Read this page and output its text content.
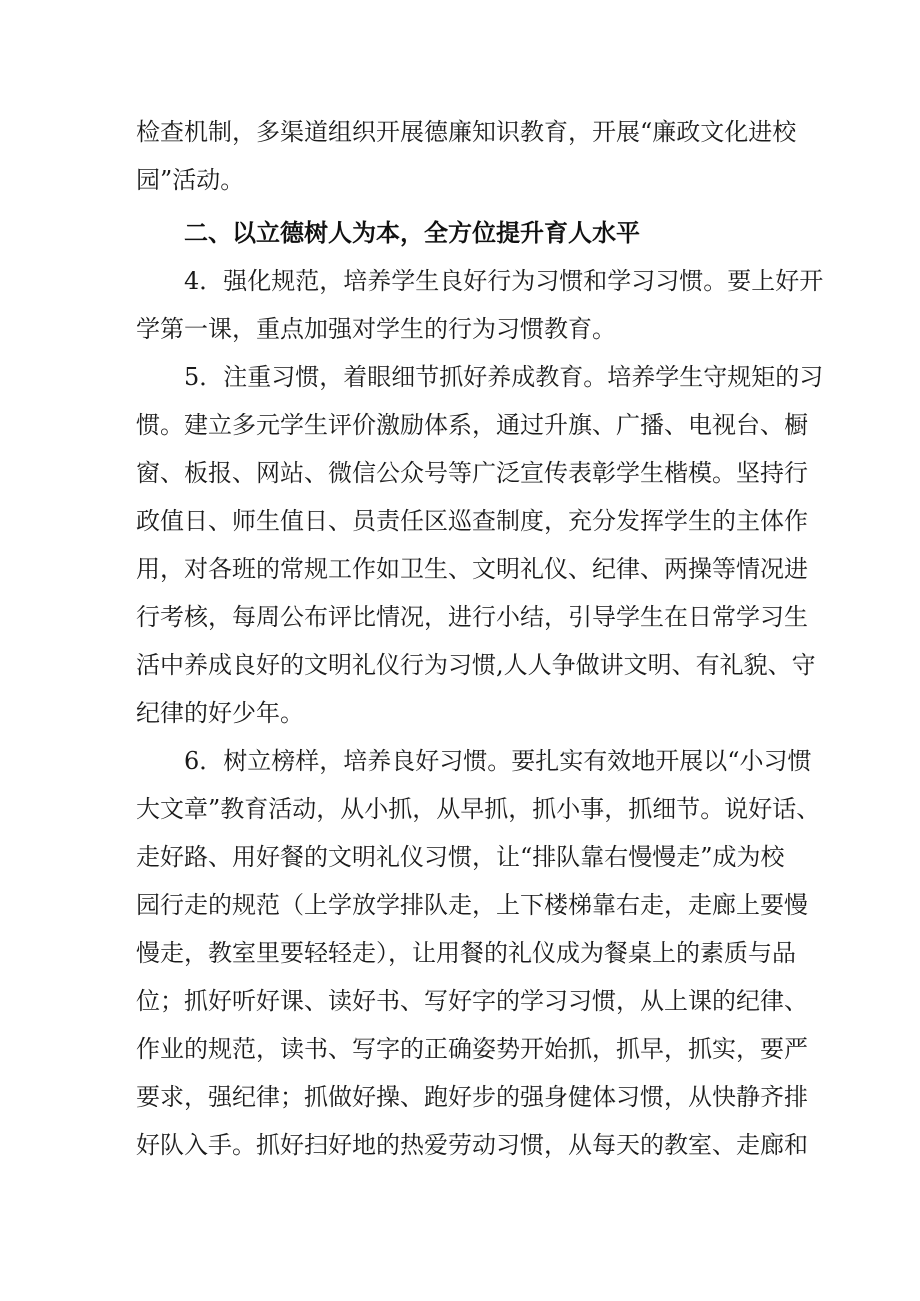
检查机制，多渠道组织开展德廉知识教育，开展“廉政文化进校
园”活动。
二、以立德树人为本，全方位提升育人水平
4．强化规范，培养学生良好行为习惯和学习习惯。要上好开
学第一课，重点加强对学生的行为习惯教育。
5．注重习惯，着眼细节抓好养成教育。培养学生守规矩的习
惯。建立多元学生评价激励体系，通过升旗、广播、电视台、橱
窗、板报、网站、微信公众号等广泛宣传表彰学生楷模。坚持行
政值日、师生值日、员责任区巡查制度，充分发挥学生的主体作
用，对各班的常规工作如卫生、文明礼仪、纪律、两操等情况进
行考核，每周公布评比情况，进行小结，引导学生在日常学习生
活中养成良好的文明礼仪行为习惯,人人争做讲文明、有礼貌、守
纪律的好少年。
6．树立榜样，培养良好习惯。要扎实有效地开展以“小习惯
大文章”教育活动，从小抓，从早抓，抓小事，抓细节。说好话、
走好路、用好餐的文明礼仪习惯，让“排队靠右慢慢走”成为校
园行走的规范（上学放学排队走，上下楼梯靠右走，走廊上要慢
慢走，教室里要轻轻走），让用餐的礼仪成为餐桌上的素质与品
位；抓好听好课、读好书、写好字的学习习惯，从上课的纪律、
作业的规范，读书、写字的正确姿势开始抓，抓早，抓实，要严
要求，强纪律；抓做好操、跑好步的强身健体习惯，从快静齐排
好队入手。抓好扫好地的热爱劳动习惯，从每天的教室、走廊和
